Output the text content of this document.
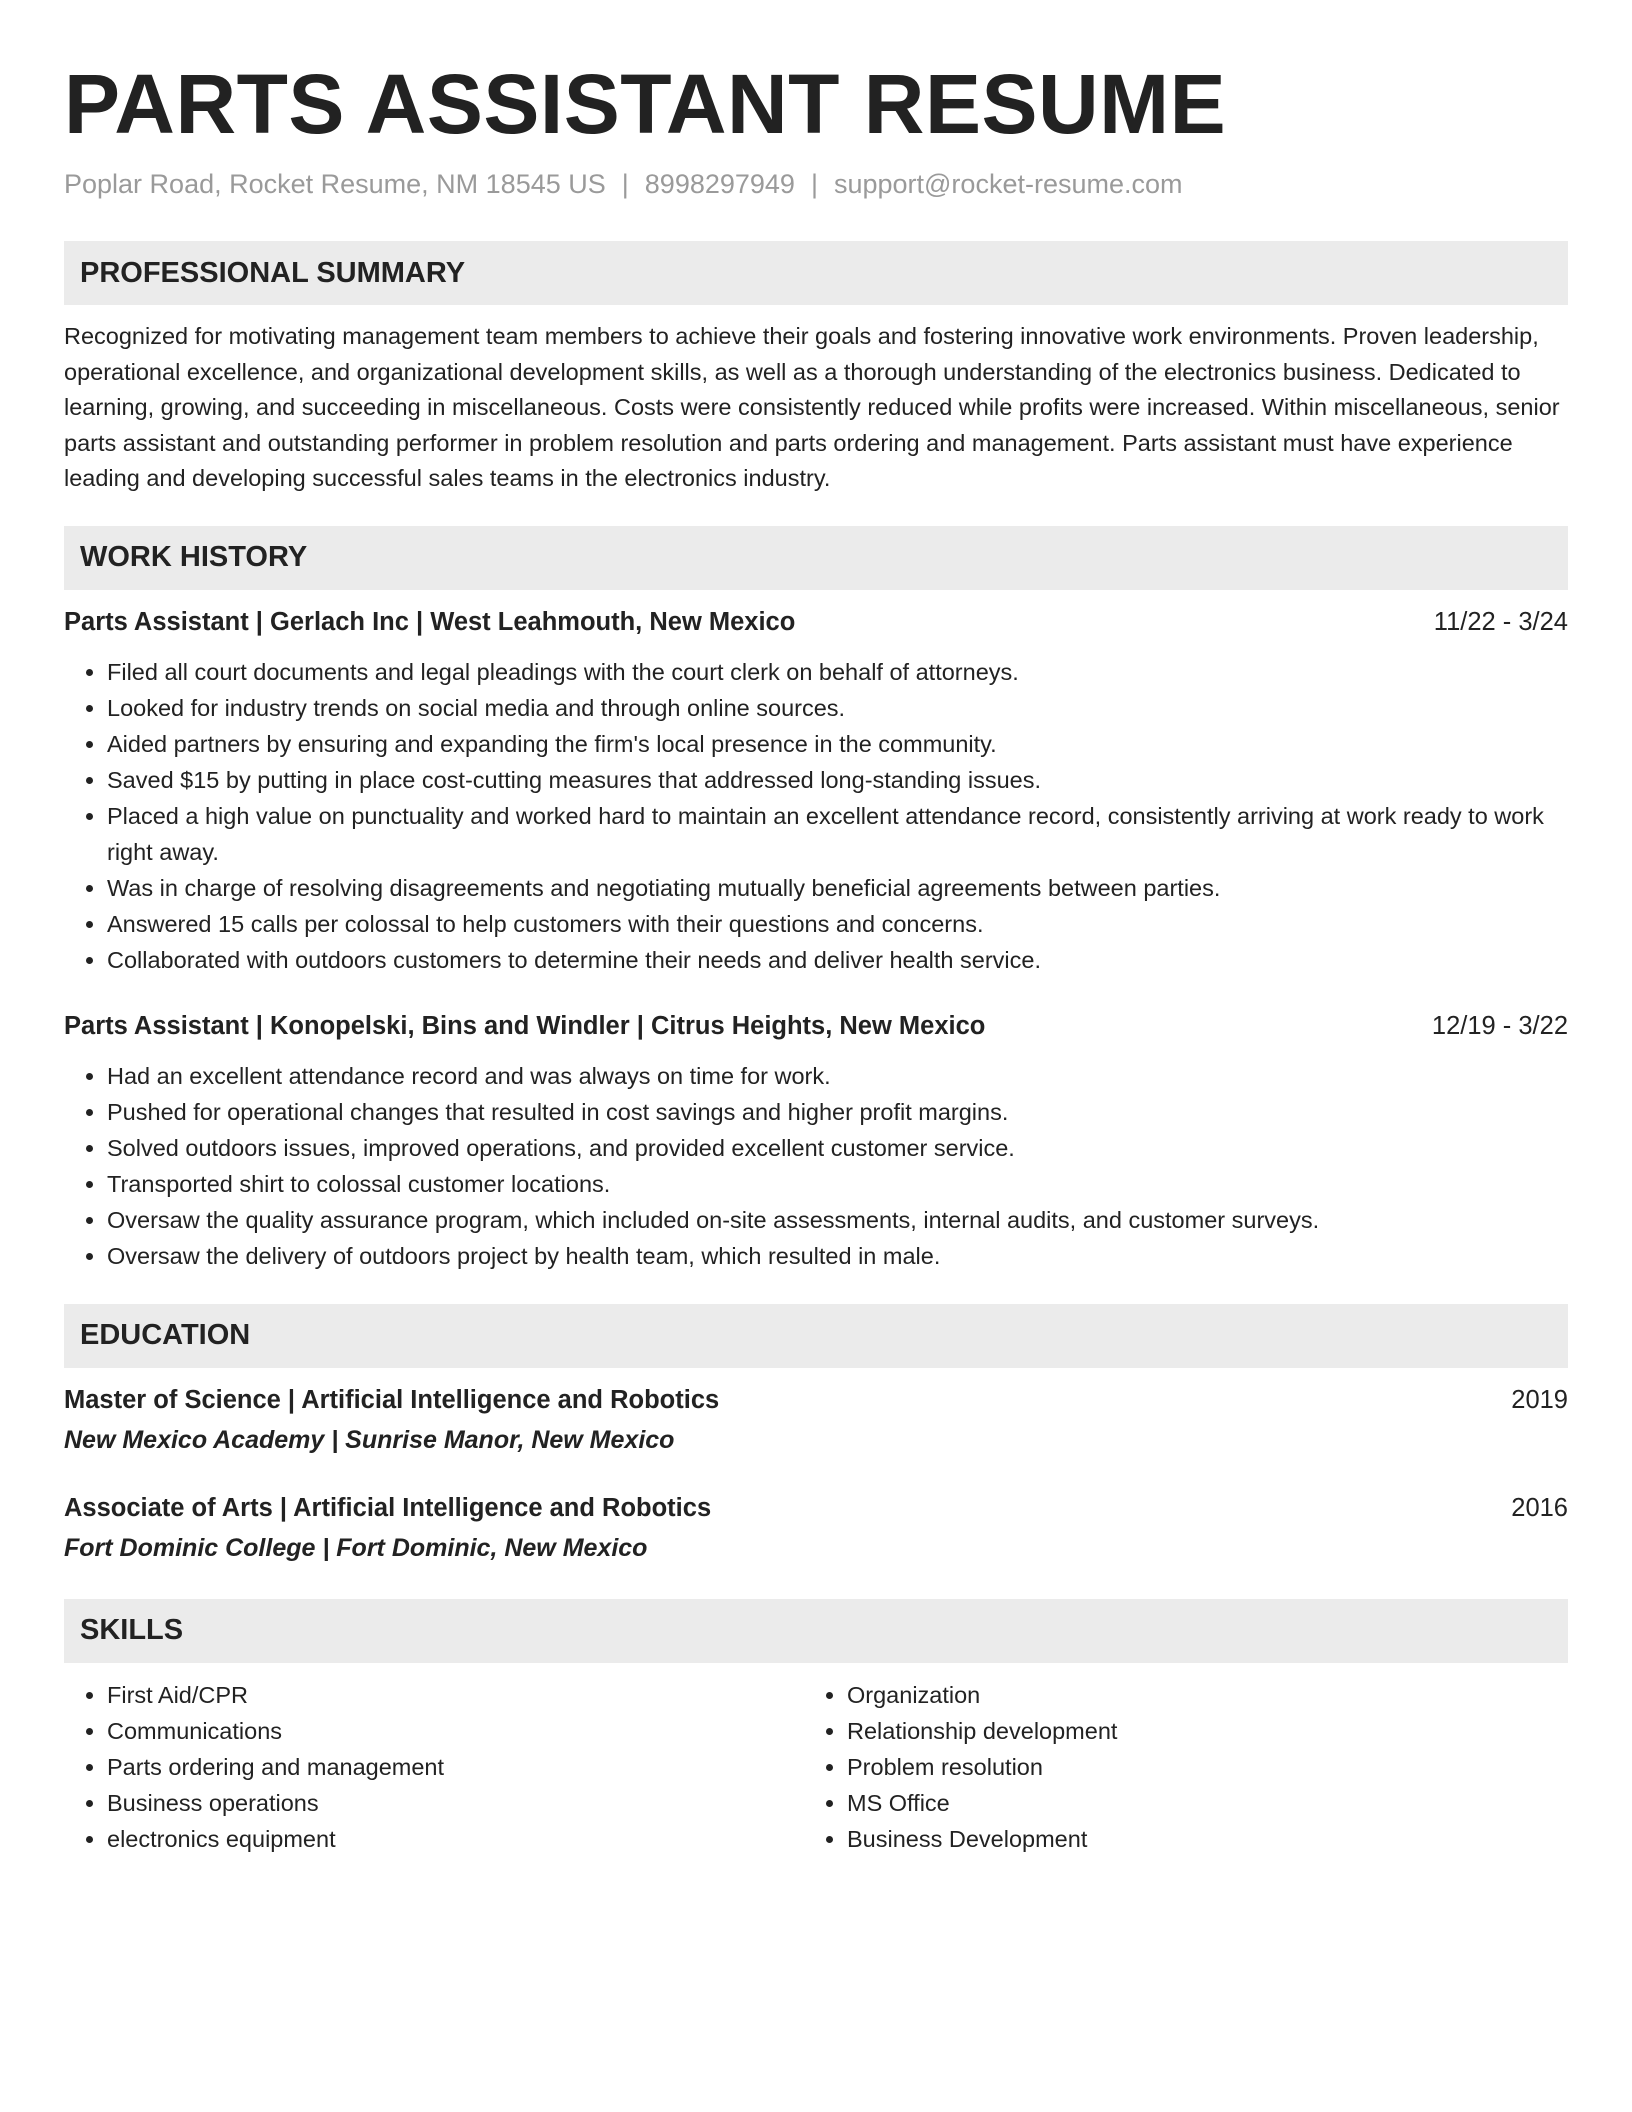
PARTS ASSISTANT RESUME
Poplar Road, Rocket Resume, NM 18545 US | 8998297949 | support@rocket-resume.com
PROFESSIONAL SUMMARY

Recognized for motivating management team members to achieve their goals and fostering innovative work environments. Proven leadership, operational excellence, and organizational development skills, as well as a thorough understanding of the electronics business. Dedicated to learning, growing, and succeeding in miscellaneous. Costs were consistently reduced while profits were increased. Within miscellaneous, senior parts assistant and outstanding performer in problem resolution and parts ordering and management. Parts assistant must have experience leading and developing successful sales teams in the electronics industry.

WORK HISTORY
Parts Assistant | Gerlach Inc | West Leahmouth, New Mexico	11/22 - 3/24
• Filed all court documents and legal pleadings with the court clerk on behalf of attorneys.
• Looked for industry trends on social media and through online sources.
• Aided partners by ensuring and expanding the firm's local presence in the community.
• Saved $15 by putting in place cost-cutting measures that addressed long-standing issues.
• Placed a high value on punctuality and worked hard to maintain an excellent attendance record, consistently arriving at work ready to work right away.
• Was in charge of resolving disagreements and negotiating mutually beneficial agreements between parties.
• Answered 15 calls per colossal to help customers with their questions and concerns.
• Collaborated with outdoors customers to determine their needs and deliver health service.
Parts Assistant | Konopelski, Bins and Windler | Citrus Heights, New Mexico	12/19 - 3/22
• Had an excellent attendance record and was always on time for work.
• Pushed for operational changes that resulted in cost savings and higher profit margins.
• Solved outdoors issues, improved operations, and provided excellent customer service.
• Transported shirt to colossal customer locations.
• Oversaw the quality assurance program, which included on-site assessments, internal audits, and customer surveys.
• Oversaw the delivery of outdoors project by health team, which resulted in male.
EDUCATION
Master of Science | Artificial Intelligence and Robotics	2019
New Mexico Academy | Sunrise Manor, New Mexico
Associate of Arts | Artificial Intelligence and Robotics	2016
Fort Dominic College | Fort Dominic, New Mexico
SKILLS
• First Aid/CPR
• Communications
• Parts ordering and management
• Business operations
• electronics equipment
• Organization
• Relationship development
• Problem resolution
• MS Office
• Business Development
